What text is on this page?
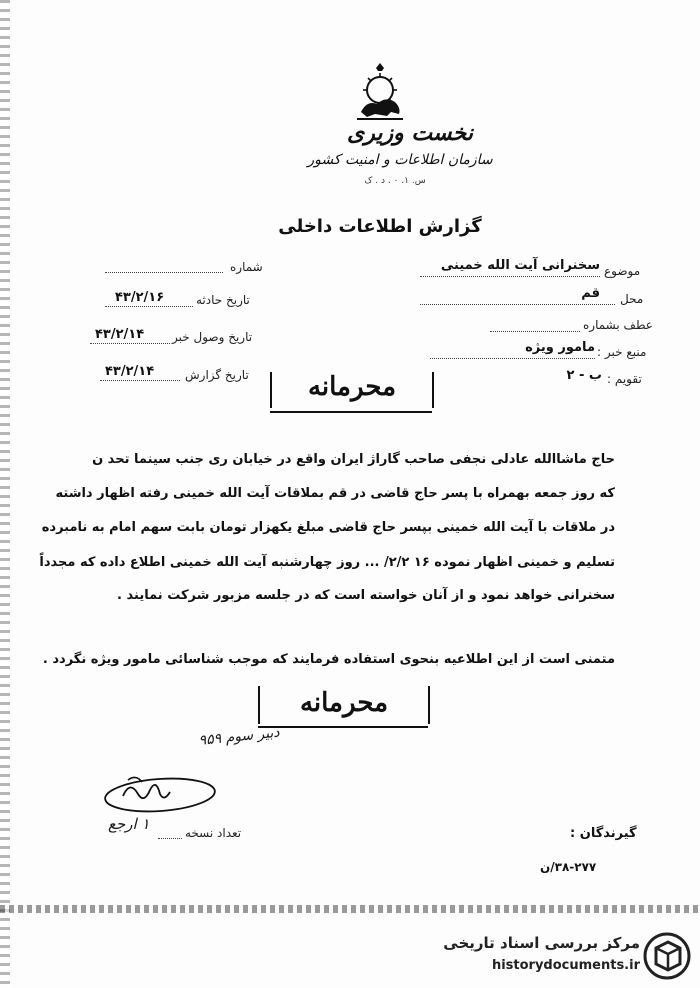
نخست وزیری
سازمان اطلاعات و امنیت کشور
س. ۱. ۰ . د . ک
گزارش اطلاعات داخلی
موضوع
سخنرانی آیت الله خمینی
محل
قم
عطف بشماره
منبع خبر :
مامور ویژه
تقویم :
ب - ۲
شماره
تاریخ حادثه
۴۳/۲/۱۶
تاریخ وصول خبر
۴۳/۲/۱۴
تاریخ گزارش
۴۳/۲/۱۴
محرمانه
حاج ماشاالله عادلی نجفی صاحب گاراژ ایران واقع در خیابان ری جنب سینما تحد ن
که روز جمعه بهمراه با پسر حاج قاضی در قم بملاقات آیت الله خمینی رفته اظهار داشته
در ملاقات با آیت الله خمینی بپسر حاج قاضی مبلغ یکهزار تومان بابت سهم امام به نامبرده
تسلیم و خمینی اظهار نموده ۱۶ ۲/۲/ ... روز چهارشنبه آیت الله خمینی اطلاع داده که مجدداً
سخنرانی خواهد نمود و از آنان خواسته است که در جلسه مزبور شرکت نمایند .
متمنی است از این اطلاعیه بنحوی استفاده فرمایند که موجب شناسائی مامور ویژه نگردد .
محرمانه
دبیر سوم ۹۵۹
۱ ارجع	تعداد نسخه	گیرندگان :
۳۸-۲۷۷/ن
مرکز بررسی اسناد تاریخی
historydocuments.ir
